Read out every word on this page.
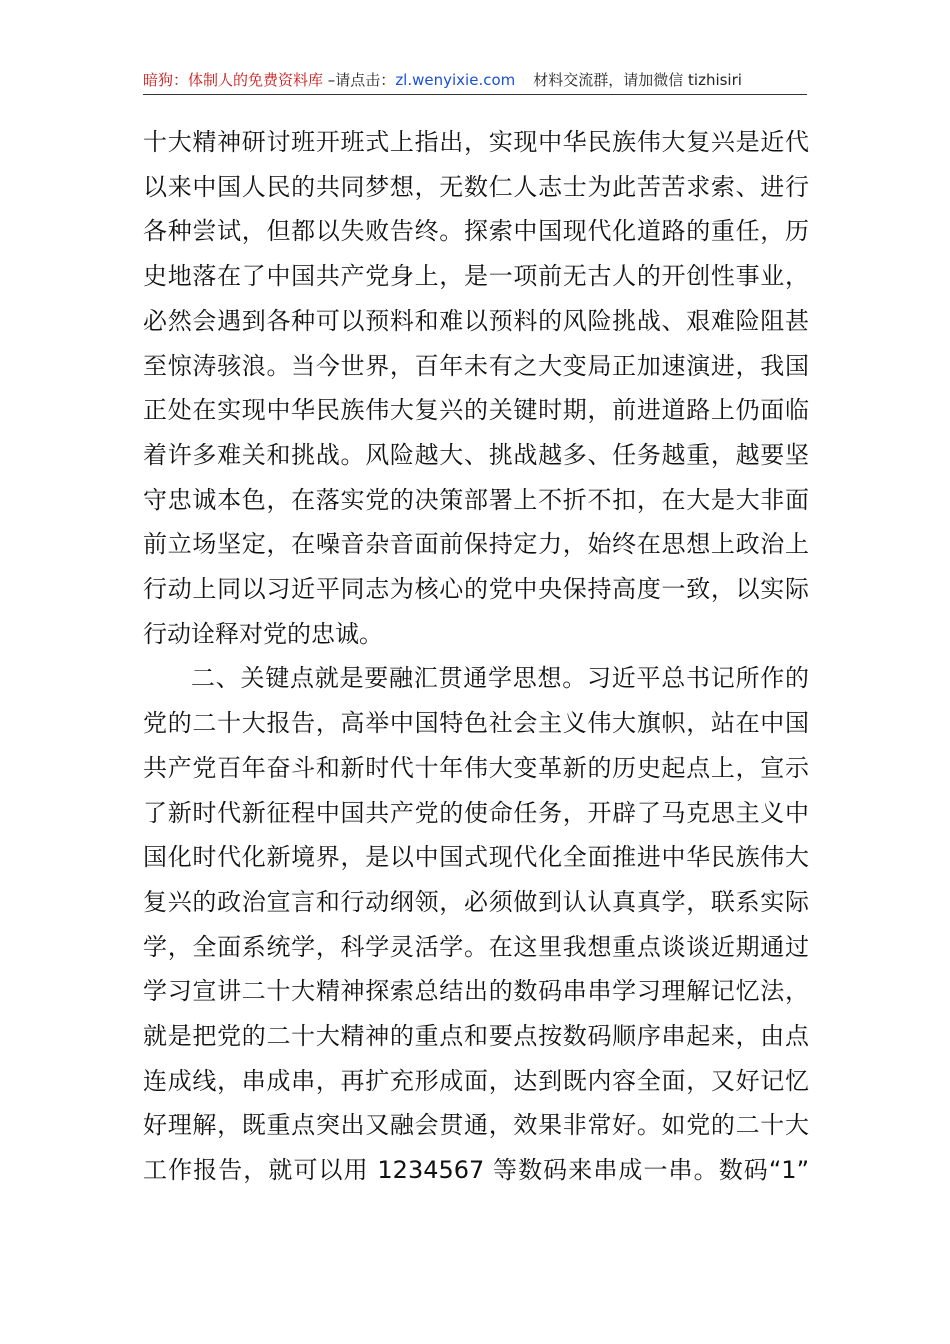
暗狗：体制人的免费资料库 –请点击：zl.wenyixie.com 材料交流群，请加微信 tizhisiri

十大精神研讨班开班式上指出，实现中华民族伟大复兴是近代以来中国人民的共同梦想，无数仁人志士为此苦苦求索、进行各种尝试，但都以失败告终。探索中国现代化道路的重任，历史地落在了中国共产党身上，是一项前无古人的开创性事业，必然会遇到各种可以预料和难以预料的风险挑战、艰难险阻甚至惊涛骇浪。当今世界，百年未有之大变局正加速演进，我国正处在实现中华民族伟大复兴的关键时期，前进道路上仍面临着许多难关和挑战。风险越大、挑战越多、任务越重，越要坚守忠诚本色，在落实党的决策部署上不折不扣，在大是大非面前立场坚定，在噪音杂音面前保持定力，始终在思想上政治上行动上同以习近平同志为核心的党中央保持高度一致，以实际行动诠释对党的忠诚。

二、关键点就是要融汇贯通学思想。习近平总书记所作的党的二十大报告，高举中国特色社会主义伟大旗帜，站在中国共产党百年奋斗和新时代十年伟大变革新的历史起点上，宣示了新时代新征程中国共产党的使命任务，开辟了马克思主义中国化时代化新境界，是以中国式现代化全面推进中华民族伟大复兴的政治宣言和行动纲领，必须做到认认真真学，联系实际学，全面系统学，科学灵活学。在这里我想重点谈谈近期通过学习宣讲二十大精神探索总结出的数码串串学习理解记忆法，就是把党的二十大精神的重点和要点按数码顺序串起来，由点连成线，串成串，再扩充形成面，达到既内容全面，又好记忆好理解，既重点突出又融会贯通，效果非常好。如党的二十大工作报告，就可以用 1234567 等数码来串成一串。数码“1”
